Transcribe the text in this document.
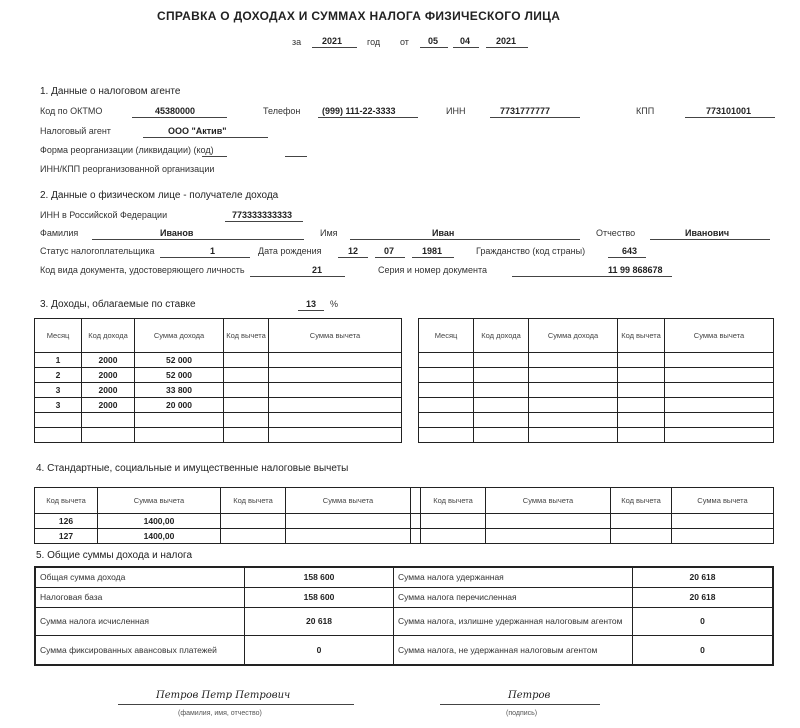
СПРАВКА О ДОХОДАХ И СУММАХ НАЛОГА ФИЗИЧЕСКОГО ЛИЦА
за 2021	год от 05 04	2021
1. Данные о налоговом агенте
Код по ОКТМО	45380000	Телефон (999) 111-22-3333	ИНН	7731777777	КПП	773101001
Налоговый агент	ООО "Актив"
Форма реорганизации (ликвидации) (код)
ИНН/КПП реорганизованной организации
2. Данные о физическом лице - получателе дохода
ИНН в Российской Федерации	773333333333
Фамилия	Иванов	Имя	Иван	Отчество	Иванович
Статус налогоплательщика	1	Дата рождения	12	07	1981	Гражданство (код страны)	643
Код вида документа, удостоверяющего личность	21	Серия и номер документа	11 99 868678
3. Доходы, облагаемые по ставке	13 %
Месяц	Код дохода	Сумма дохода	Код вычета	Сумма вычета
1	2000	52 000		
2	2000	52 000		
3	2000	33 800		
3	2000	20 000		

Месяц	Код дохода	Сумма дохода	Код вычета	Сумма вычета

4. Стандартные, социальные и имущественные налоговые вычеты
Код вычета	Сумма вычета	Код вычета	Сумма вычета		Код вычета	Сумма вычета	Код вычета	Сумма вычета
126	1400,00							
127	1400,00							
5. Общие суммы дохода и налога
Общая сумма дохода	158 600	Сумма налога удержанная	20 618
Налоговая база	158 600	Сумма налога перечисленная	20 618
Сумма налога исчисленная	20 618	Сумма налога, излишне удержанная налоговым агентом	0
Сумма фиксированных авансовых платежей	0	Сумма налога, не удержанная налоговым агентом	0
Петров Петр Петрович
(фамилия, имя, отчество)
Петров
(подпись)
